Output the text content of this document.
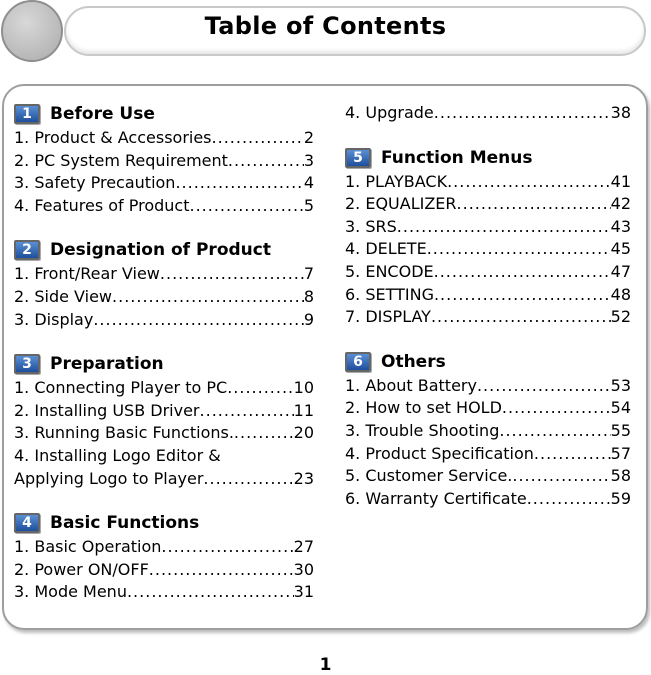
Table of Contents
1	Before Use
1. Product & Accessories .....	2
2. PC System Requirement .....	3
3. Safety Precaution .....	4
4. Features of Product .....	5
2	Designation of Product
1. Front/Rear View .....	7
2. Side View .....	8
3. Display .....	9
3	Preparation
1. Connecting Player to PC .....	10
2. Installing USB Driver .....	11
3. Running Basic Functions. .....	20
4. Installing Logo Editor &
Applying Logo to Player .....	23
4	Basic Functions
1. Basic Operation .....	27
2. Power ON/OFF .....	30
3. Mode Menu .....	31
4. Upgrade .....	38
5	Function Menus
1. PLAYBACK .....	41
2. EQUALIZER .....	42
3. SRS .....	43
4. DELETE .....	45
5. ENCODE .....	47
6. SETTING .....	48
7. DISPLAY .....	52
6	Others
1. About Battery .....	53
2. How to set HOLD .....	54
3. Trouble Shooting .....	55
4. Product Specification .....	57
5. Customer Service. .....	58
6. Warranty Certificate .....	59
1
